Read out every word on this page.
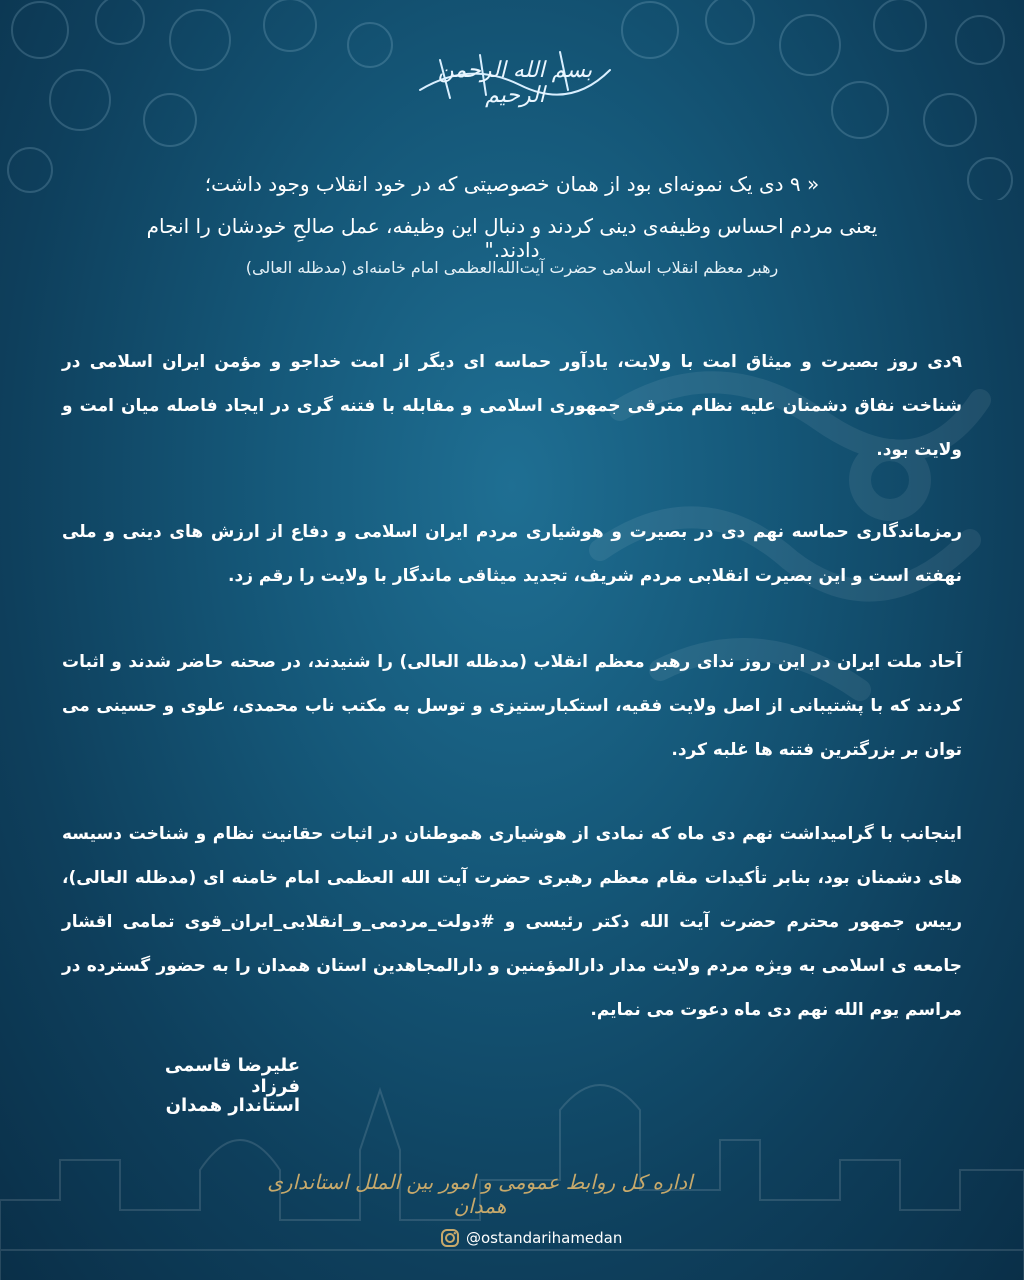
بسم الله الرحمن الرحیم
« ۹ دی یک نمونه‌ای بود از همان خصوصیتی که در خود انقلاب وجود داشت؛
یعنی مردم احساس وظیفه‌ی دینی کردند و دنبال این وظیفه، عمل صالحِ خودشان را انجام دادند."
رهبر معظم انقلاب اسلامی حضرت آیت‌الله‌العظمی امام خامنه‌ای (مدظله العالی)

۹دی روز بصیرت و میثاق امت با ولایت، یادآور حماسه ای دیگر از امت خداجو و مؤمن ایران اسلامی در شناخت نفاق دشمنان علیه نظام مترقی جمهوری اسلامی و مقابله با فتنه گری در ایجاد فاصله میان امت و ولایت بود.

رمزماندگاری حماسه نهم دی در بصیرت و هوشیاری مردم ایران اسلامی و دفاع از ارزش های دینی و ملی نهفته است و این بصیرت انقلابی مردم شریف، تجدید میثاقی ماندگار با ولایت را رقم زد.

آحاد ملت ایران در این روز ندای رهبر معظم انقلاب (مدظله العالی) را شنیدند، در صحنه حاضر شدند و اثبات کردند که با پشتیبانی از اصل ولایت فقیه، استکبارستیزی و توسل به مکتب ناب محمدی، علوی و حسینی می توان بر بزرگترین فتنه ها غلبه کرد.

اینجانب با گرامیداشت نهم دی ماه که نمادی از هوشیاری هموطنان در اثبات حقانیت نظام و شناخت دسیسه های دشمنان بود، بنابر تأکیدات مقام معظم رهبری حضرت آیت الله العظمی امام خامنه ای (مدظله العالی)، رییس جمهور محترم حضرت آیت الله دکتر رئیسی و #دولت_مردمی_و_انقلابی_ایران_قوی تمامی اقشار جامعه ی اسلامی به ویژه مردم ولایت مدار دارالمؤمنین و دارالمجاهدین استان همدان را به حضور گسترده در مراسم یوم الله نهم دی ماه دعوت می نمایم.

علیرضا قاسمی فرزاد
استاندار همدان
اداره کل روابط عمومی و امور بین الملل استانداری همدان
@ostandarihamedan
